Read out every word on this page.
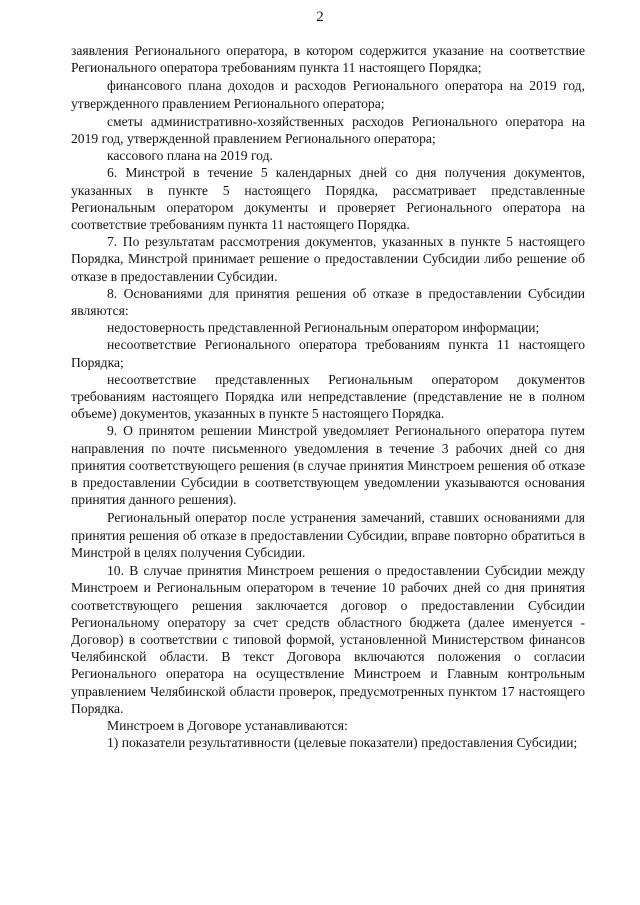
2

заявления Регионального оператора, в котором содержится указание на соответствие Регионального оператора требованиям пункта 11 настоящего Порядка;

финансового плана доходов и расходов Регионального оператора на 2019 год, утвержденного правлением Регионального оператора;

сметы административно-хозяйственных расходов Регионального оператора на 2019 год, утвержденной правлением Регионального оператора;

кассового плана на 2019 год.

6. Минстрой в течение 5 календарных дней со дня получения документов, указанных в пункте 5 настоящего Порядка, рассматривает представленные Региональным оператором документы и проверяет Регионального оператора на соответствие требованиям пункта 11 настоящего Порядка.

7. По результатам рассмотрения документов, указанных в пункте 5 настоящего Порядка, Минстрой принимает решение о предоставлении Субсидии либо решение об отказе в предоставлении Субсидии.

8. Основаниями для принятия решения об отказе в предоставлении Субсидии являются:

недостоверность представленной Региональным оператором информации;

несоответствие Регионального оператора требованиям пункта 11 настоящего Порядка;

несоответствие представленных Региональным оператором документов требованиям настоящего Порядка или непредставление (представление не в полном объеме) документов, указанных в пункте 5 настоящего Порядка.

9. О принятом решении Минстрой уведомляет Регионального оператора путем направления по почте письменного уведомления в течение 3 рабочих дней со дня принятия соответствующего решения (в случае принятия Минстроем решения об отказе в предоставлении Субсидии в соответствующем уведомлении указываются основания принятия данного решения).

Региональный оператор после устранения замечаний, ставших основаниями для принятия решения об отказе в предоставлении Субсидии, вправе повторно обратиться в Минстрой в целях получения Субсидии.

10. В случае принятия Минстроем решения о предоставлении Субсидии между Минстроем и Региональным оператором в течение 10 рабочих дней со дня принятия соответствующего решения заключается договор о предоставлении Субсидии Региональному оператору за счет средств областного бюджета (далее именуется - Договор) в соответствии с типовой формой, установленной Министерством финансов Челябинской области. В текст Договора включаются положения о согласии Регионального оператора на осуществление Минстроем и Главным контрольным управлением Челябинской области проверок, предусмотренных пунктом 17 настоящего Порядка.

Минстроем в Договоре устанавливаются:

1) показатели результативности (целевые показатели) предоставления Субсидии;
